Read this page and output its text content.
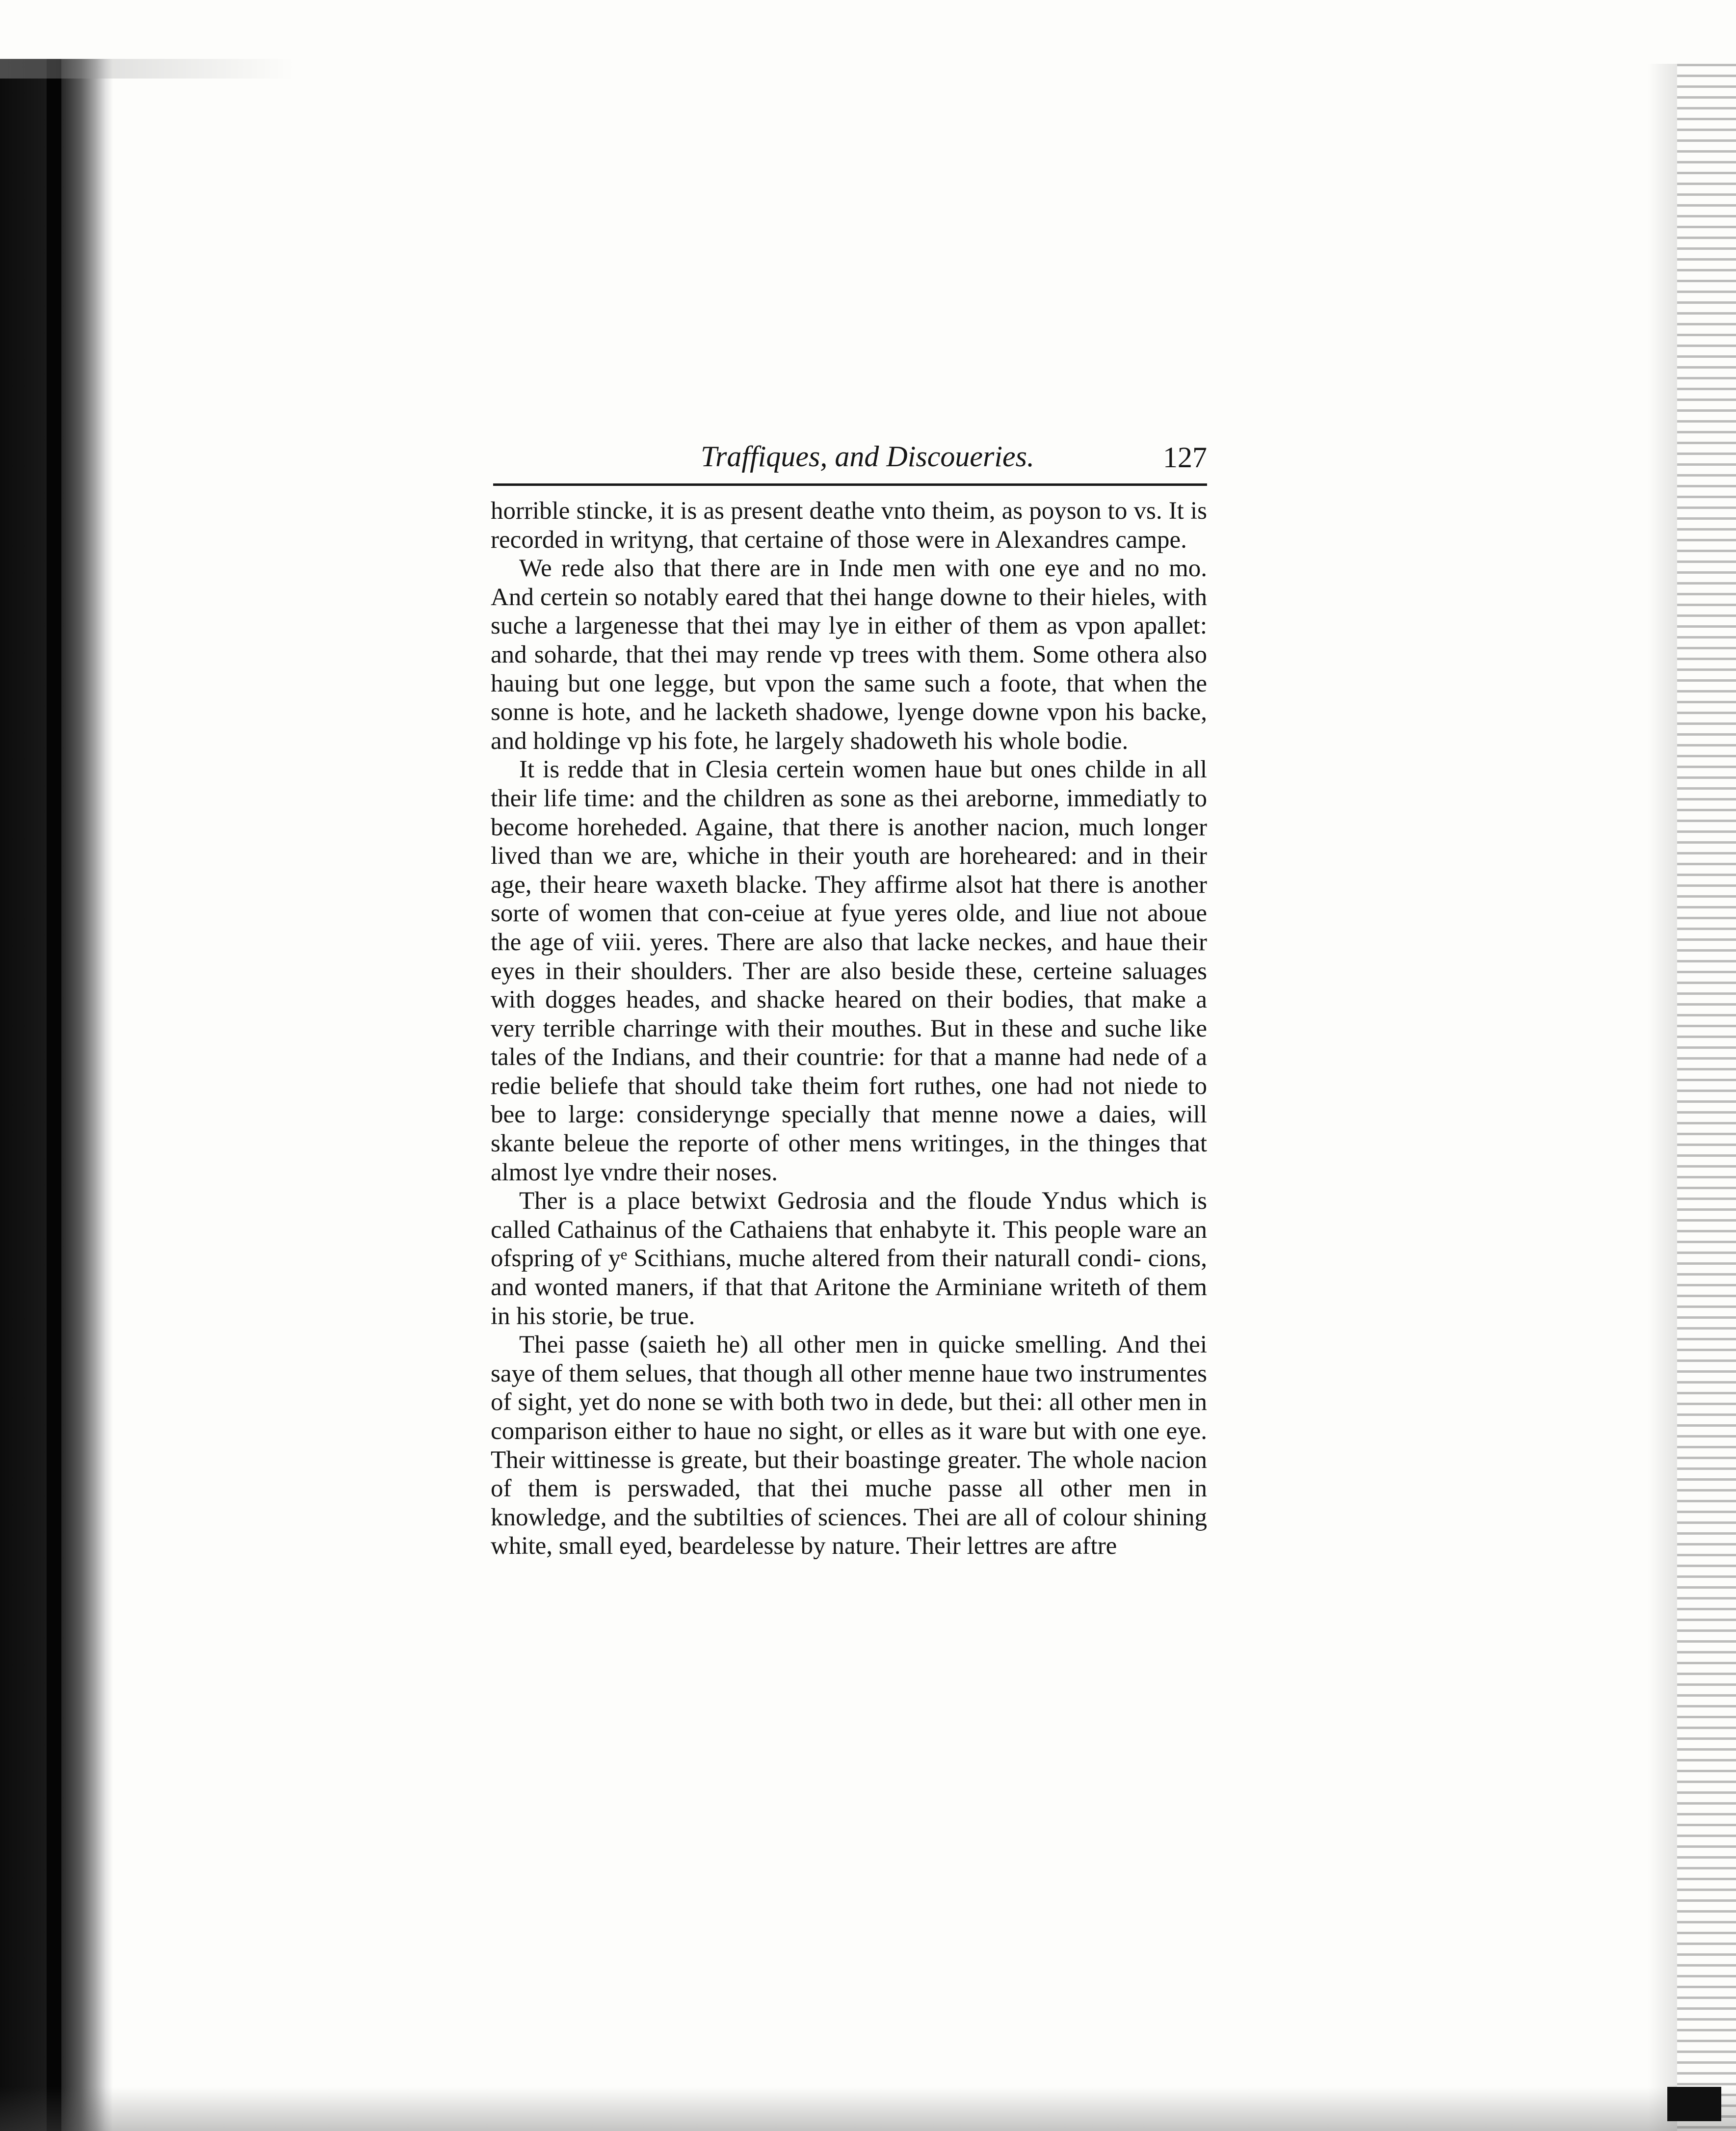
Traffiques, and Discoueries.	127

horrible stincke, it is as present deathe vnto theim, as poyson to vs. It is recorded in writyng, that certaine of those were in Alexandres campe.

We rede also that there are in Inde men with one eye and no mo. And certein so notably eared that thei hange downe to their hieles, with suche a largenesse that thei may lye in either of them as vpon apallet: and soharde, that thei may rende vp trees with them. Some othera also hauing but one legge, but vpon the same such a foote, that when the sonne is hote, and he lacketh shadowe, lyenge downe vpon his backe, and holdinge vp his fote, he largely shadoweth his whole bodie.

It is redde that in Clesia certein women haue but ones childe in all their life time: and the children as sone as thei areborne, immediatly to become horeheded. Againe, that there is another nacion, much longer lived than we are, whiche in their youth are horeheared: and in their age, their heare waxeth blacke. They affirme alsot hat there is another sorte of women that con-ceiue at fyue yeres olde, and liue not aboue the age of viii. yeres. There are also that lacke neckes, and haue their eyes in their shoulders. Ther are also beside these, certeine saluages with dogges heades, and shacke heared on their bodies, that make a very terrible charringe with their mouthes. But in these and suche like tales of the Indians, and their countrie: for that a manne had nede of a redie beliefe that should take theim fort ruthes, one had not niede to bee to large: considerynge specially that menne nowe a daies, will skante beleue the reporte of other mens writinges, in the thinges that almost lye vndre their noses.

Ther is a place betwixt Gedrosia and the floude Yndus which is called Cathainus of the Cathaiens that enhabyte it. This people ware an ofspring of yᵉ Scithians, muche altered from their naturall condi- cions, and wonted maners, if that that Aritone the Arminiane writeth of them in his storie, be true.

Thei passe (saieth he) all other men in quicke smelling. And thei saye of them selues, that though all other menne haue two instrumentes of sight, yet do none se with both two in dede, but thei: all other men in comparison either to haue no sight, or elles as it ware but with one eye. Their wittinesse is greate, but their boastinge greater. The whole nacion of them is perswaded, that thei muche passe all other men in knowledge, and the subtilties of sciences. Thei are all of colour shining white, small eyed, beardelesse by nature. Their lettres are aftre
